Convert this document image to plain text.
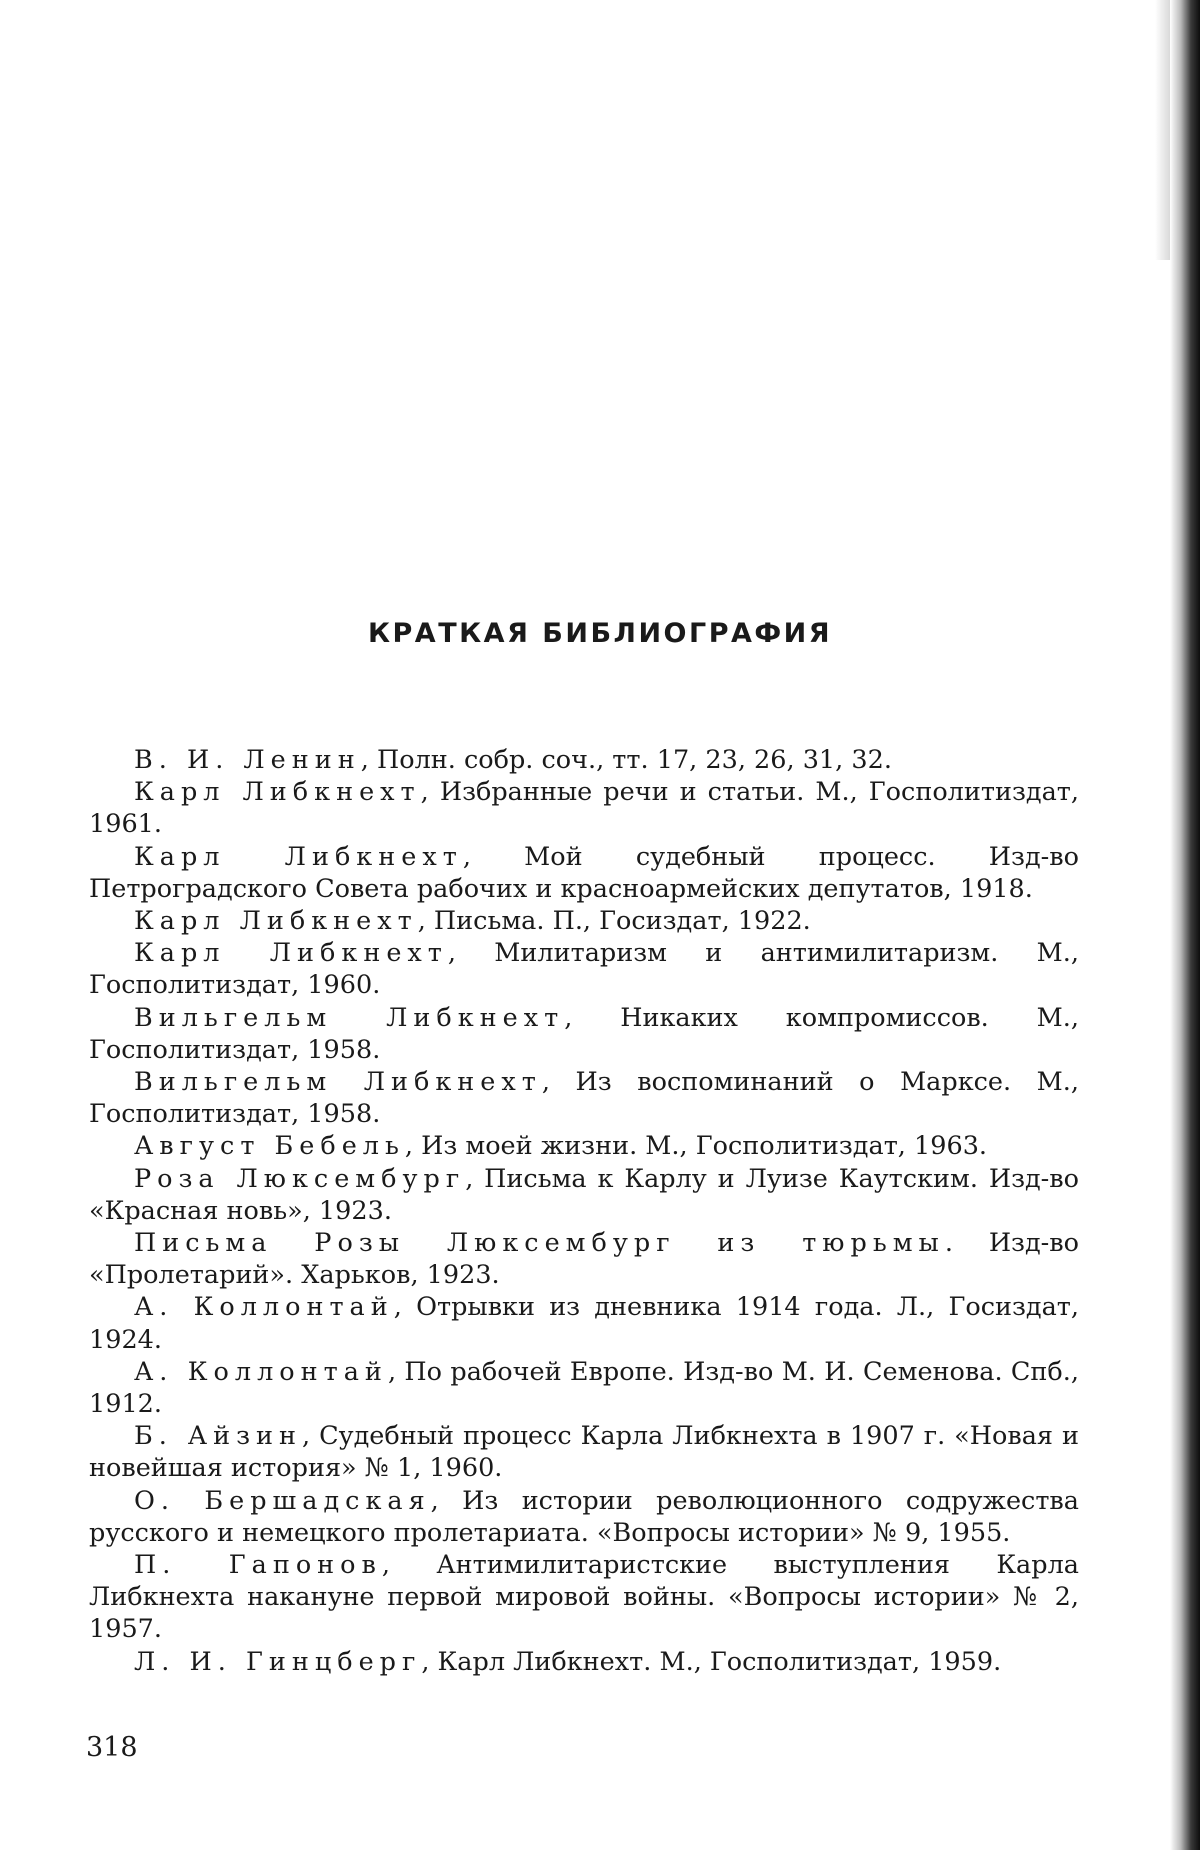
КРАТКАЯ БИБЛИОГРАФИЯ

В. И. Ленин, Полн. собр. соч., тт. 17, 23, 26, 31, 32.

Карл Либкнехт, Избранные речи и статьи. М., Госполитиздат, 1961.

Карл Либкнехт, Мой судебный процесс. Изд-во Петроградского Совета рабочих и красноармейских депутатов, 1918.

Карл Либкнехт, Письма. П., Госиздат, 1922.

Карл Либкнехт, Милитаризм и антимилитаризм. М., Госполитиздат, 1960.

Вильгельм Либкнехт, Никаких компромиссов. М., Госполитиздат, 1958.

Вильгельм Либкнехт, Из воспоминаний о Марксе. М., Госполитиздат, 1958.

Август Бебель, Из моей жизни. М., Госполитиздат, 1963.

Роза Люксембург, Письма к Карлу и Луизе Каутским. Изд-во «Красная новь», 1923.

Письма Розы Люксембург из тюрьмы. Изд-во «Пролетарий». Харьков, 1923.

А. Коллонтай, Отрывки из дневника 1914 года. Л., Госиздат, 1924.

А. Коллонтай, По рабочей Европе. Изд-во М. И. Семенова. Спб., 1912.

Б. Айзин, Судебный процесс Карла Либкнехта в 1907 г. «Новая и новейшая история» № 1, 1960.

О. Бершадская, Из истории революционного содружества русского и немецкого пролетариата. «Вопросы истории» № 9, 1955.

П. Гапонов, Антимилитаристские выступления Карла Либкнехта накануне первой мировой войны. «Вопросы истории» № 2, 1957.

Л. И. Гинцберг, Карл Либкнехт. М., Госполитиздат, 1959.

318
